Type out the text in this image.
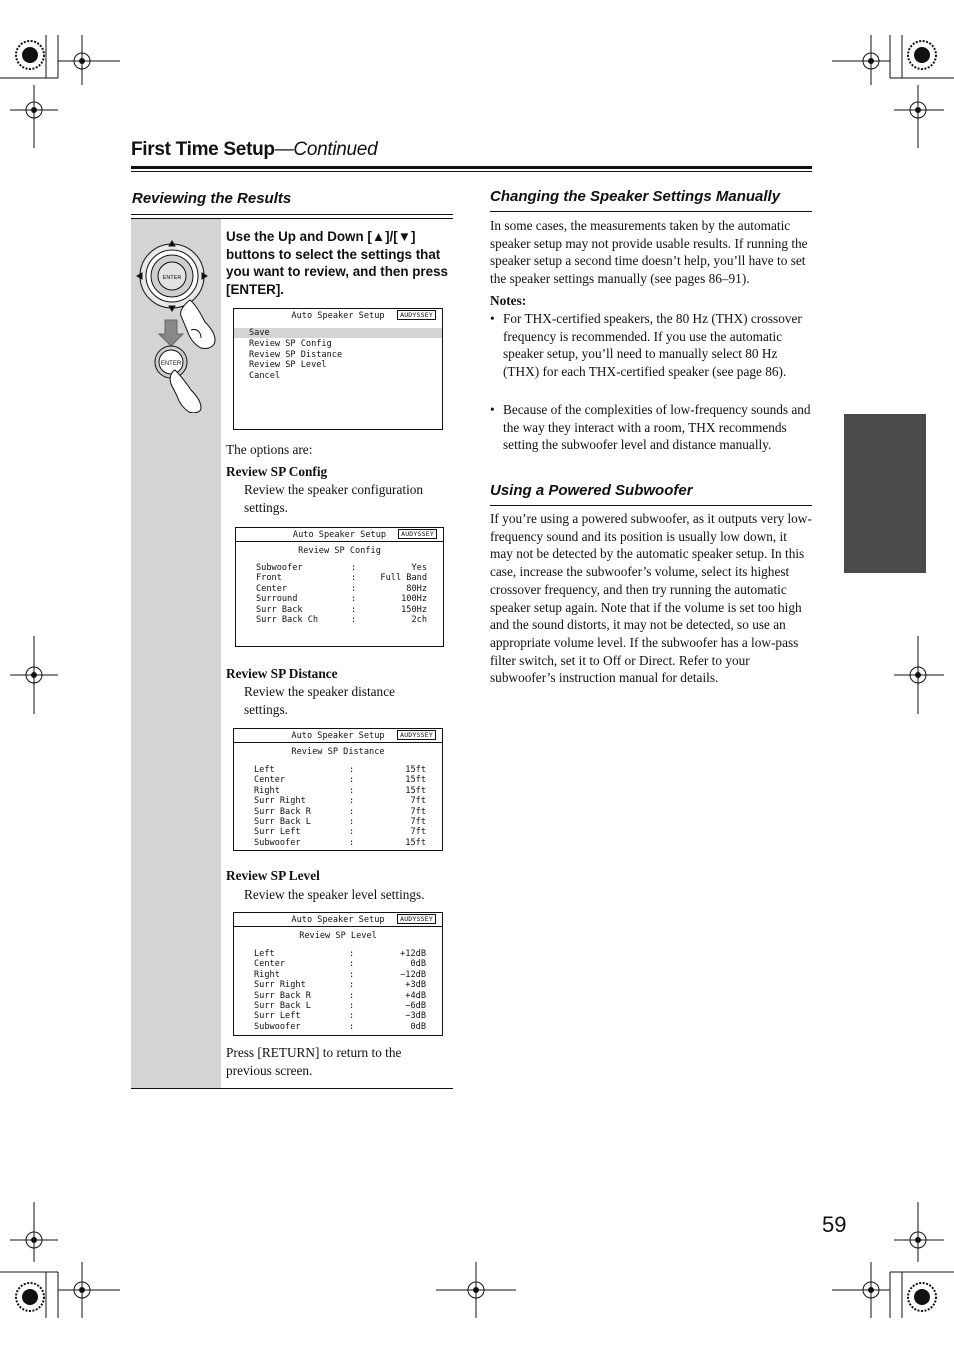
First Time Setup—Continued
Reviewing the Results
ENTER
ENTER
Use the Up and Down [▲]/[▼] buttons to select the settings that you want to review, and then press [ENTER].
Auto Speaker Setup	AUDYSSEY
Save
Review SP Config
Review SP Distance
Review SP Level
Cancel
The options are:
Review SP Config
Review the speaker configuration settings.
Auto Speaker Setup	AUDYSSEY
Review SP Config
Subwoofer	:	Yes
Front	:	Full Band
Center	:	80Hz
Surround	:	100Hz
Surr Back	:	150Hz
Surr Back Ch	:	2ch
Review SP Distance
Review the speaker distance settings.
Auto Speaker Setup	AUDYSSEY
Review SP Distance
Left	:	15ft
Center	:	15ft
Right	:	15ft
Surr Right	:	7ft
Surr Back R	:	7ft
Surr Back L	:	7ft
Surr Left	:	7ft
Subwoofer	:	15ft
Review SP Level
Review the speaker level settings.
Auto Speaker Setup	AUDYSSEY
Review SP Level
Left	:	+12dB
Center	:	0dB
Right	:	−12dB
Surr Right	:	+3dB
Surr Back R	:	+4dB
Surr Back L	:	−6dB
Surr Left	:	−3dB
Subwoofer	:	0dB
Press [RETURN] to return to the previous screen.
Changing the Speaker Settings Manually
In some cases, the measurements taken by the automatic speaker setup may not provide usable results. If running the speaker setup a second time doesn’t help, you’ll have to set the speaker settings manually (see pages 86–91).
Notes:
• For THX-certified speakers, the 80 Hz (THX) crossover frequency is recommended. If you use the automatic speaker setup, you’ll need to manually select 80 Hz (THX) for each THX-certified speaker (see page 86).
• Because of the complexities of low-frequency sounds and the way they interact with a room, THX recommends setting the subwoofer level and distance manually.
Using a Powered Subwoofer
If you’re using a powered subwoofer, as it outputs very low-frequency sound and its position is usually low down, it may not be detected by the automatic speaker setup. In this case, increase the subwoofer’s volume, select its highest crossover frequency, and then try running the automatic speaker setup again. Note that if the volume is set too high and the sound distorts, it may not be detected, so use an appropriate volume level. If the subwoofer has a low-pass filter switch, set it to Off or Direct. Refer to your subwoofer’s instruction manual for details.
59
